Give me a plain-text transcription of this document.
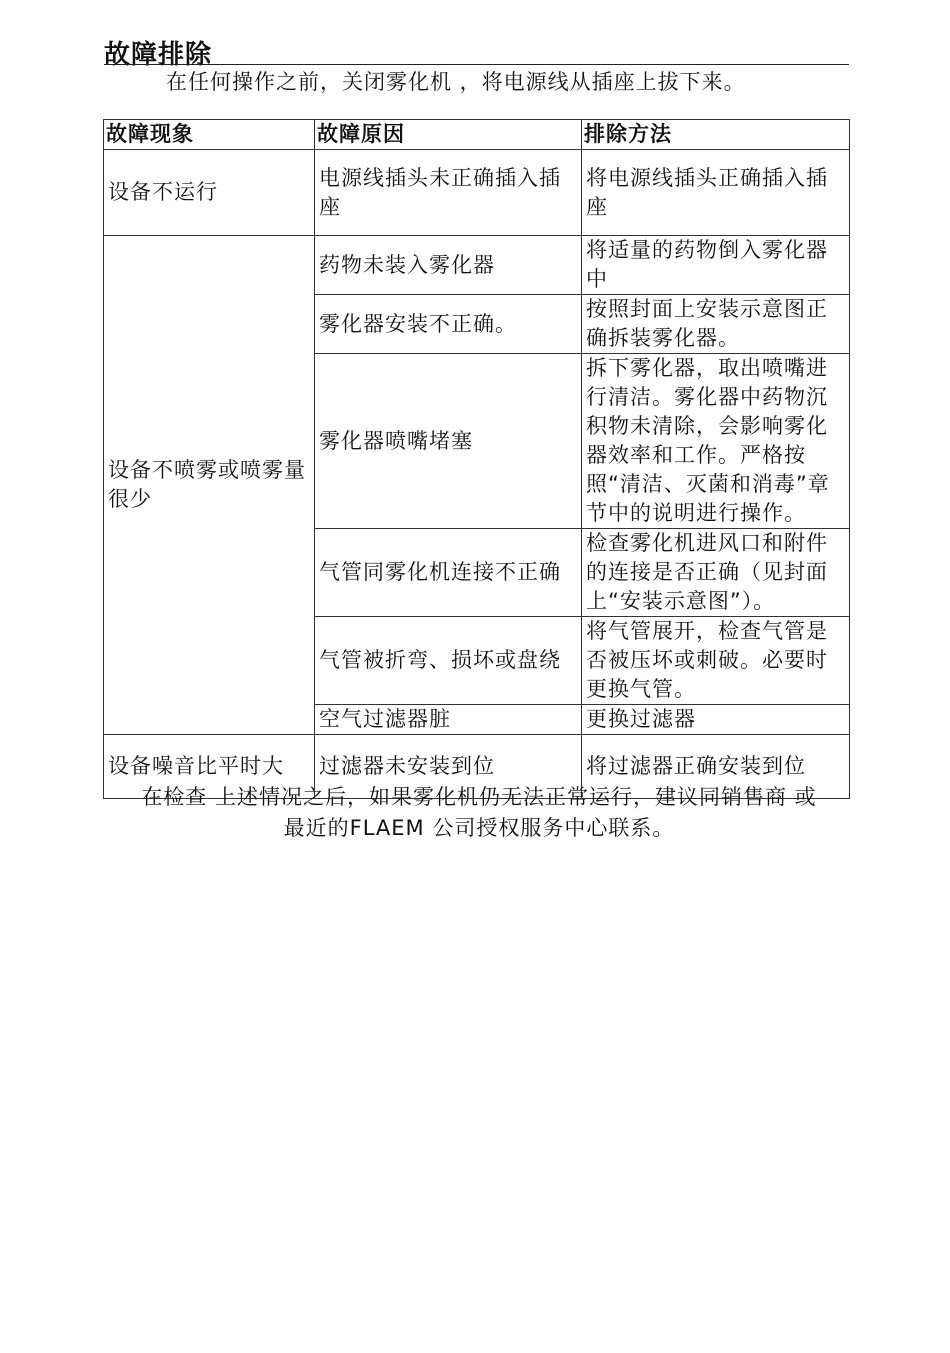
故障排除
在任何操作之前，关闭雾化机 ，将电源线从插座上拔下来。
故障现象	故障原因	排除方法
设备不运行	电源线插头未正确插入插座	将电源线插头正确插入插座
设备不喷雾或喷雾量很少	药物未装入雾化器	将适量的药物倒入雾化器中
	雾化器安装不正确。	按照封面上安装示意图正确拆装雾化器。
	雾化器喷嘴堵塞	拆下雾化器，取出喷嘴进行清洁。雾化器中药物沉积物未清除，会影响雾化器效率和工作。严格按照“清洁、灭菌和消毒”章节中的说明进行操作。
	气管同雾化机连接不正确	检查雾化机进风口和附件的连接是否正确（见封面上“安装示意图”）。
	气管被折弯、损坏或盘绕	将气管展开，检查气管是否被压坏或刺破。必要时更换气管。
	空气过滤器脏	更换过滤器
设备噪音比平时大	过滤器未安装到位	将过滤器正确安装到位
在检查 上述情况之后，如果雾化机仍无法正常运行，建议同销售商 或
最近的FLAEM 公司授权服务中心联系。
